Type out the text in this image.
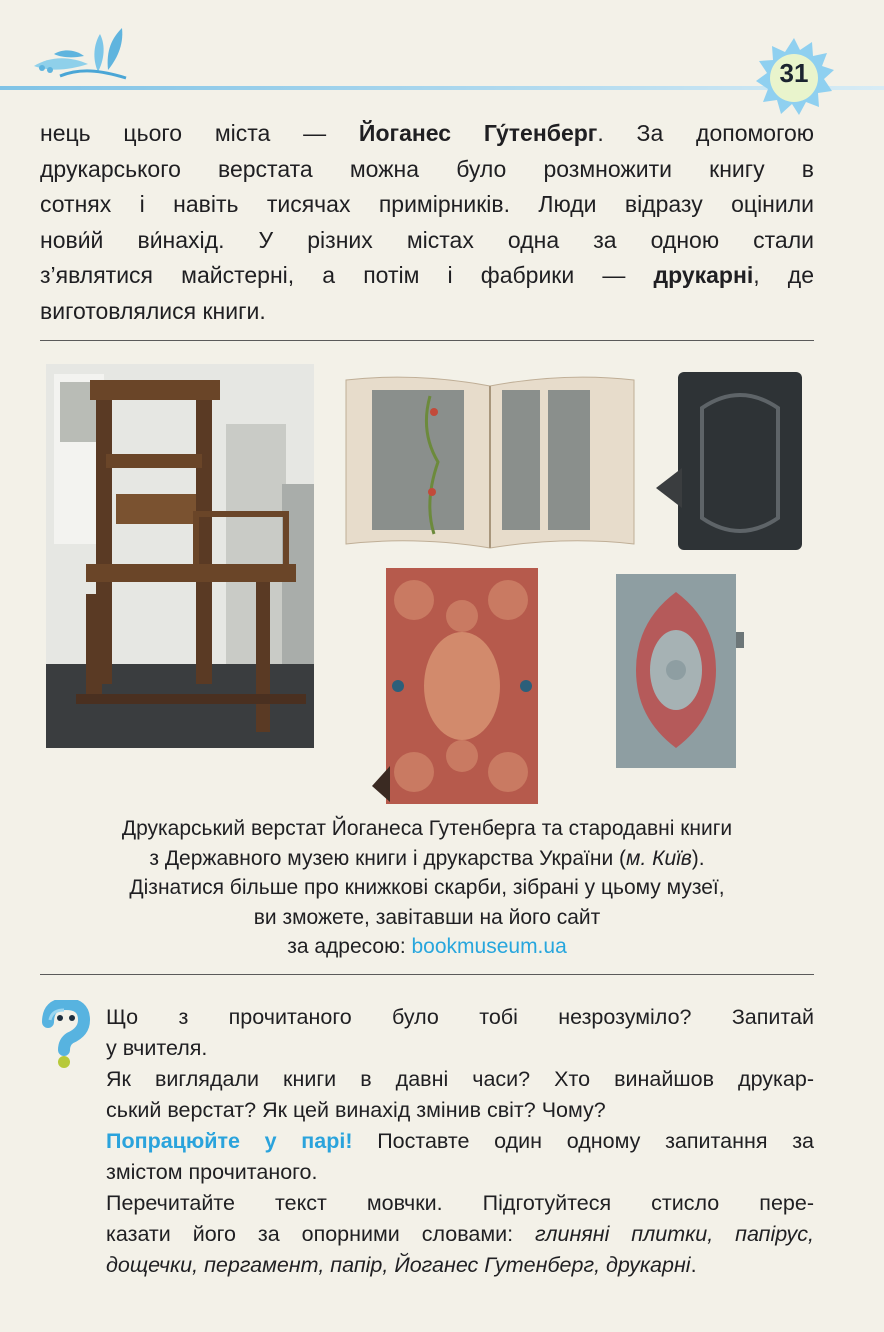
31
нець цього міста — Йоганес Гу́тенберг. За допомогою
друкарського верстата можна було розмножити книгу в
сотнях і навіть тисячах примірників. Люди відразу оцінили
нови́й ви́нахід. У різних містах одна за одною стали
з’являтися майстерні, а потім і фабрики — друкарні, де
виготовлялися книги.
Друкарський верстат Йоганеса Гутенберга та стародавні книги
з Державного музею книги і друкарства України (м. Київ).
Дізнатися більше про книжкові скарби, зібрані у цьому музеї,
ви зможете, завітавши на його сайт
за адресою: bookmuseum.ua
Що з прочитаного було тобі незрозуміло? Запитай
у вчителя.
Як виглядали книги в давні часи? Хто винайшов друкар-
ський верстат? Як цей винахід змінив світ? Чому?
Попрацюйте у парі! Поставте один одному запитання за
змістом прочитаного.
Перечитайте текст мовчки. Підготуйтеся стисло пере-
казати його за опорними словами: глиняні плитки, папірус,
дощечки, пергамент, папір, Йоганес Гутенберг, друкарні.
